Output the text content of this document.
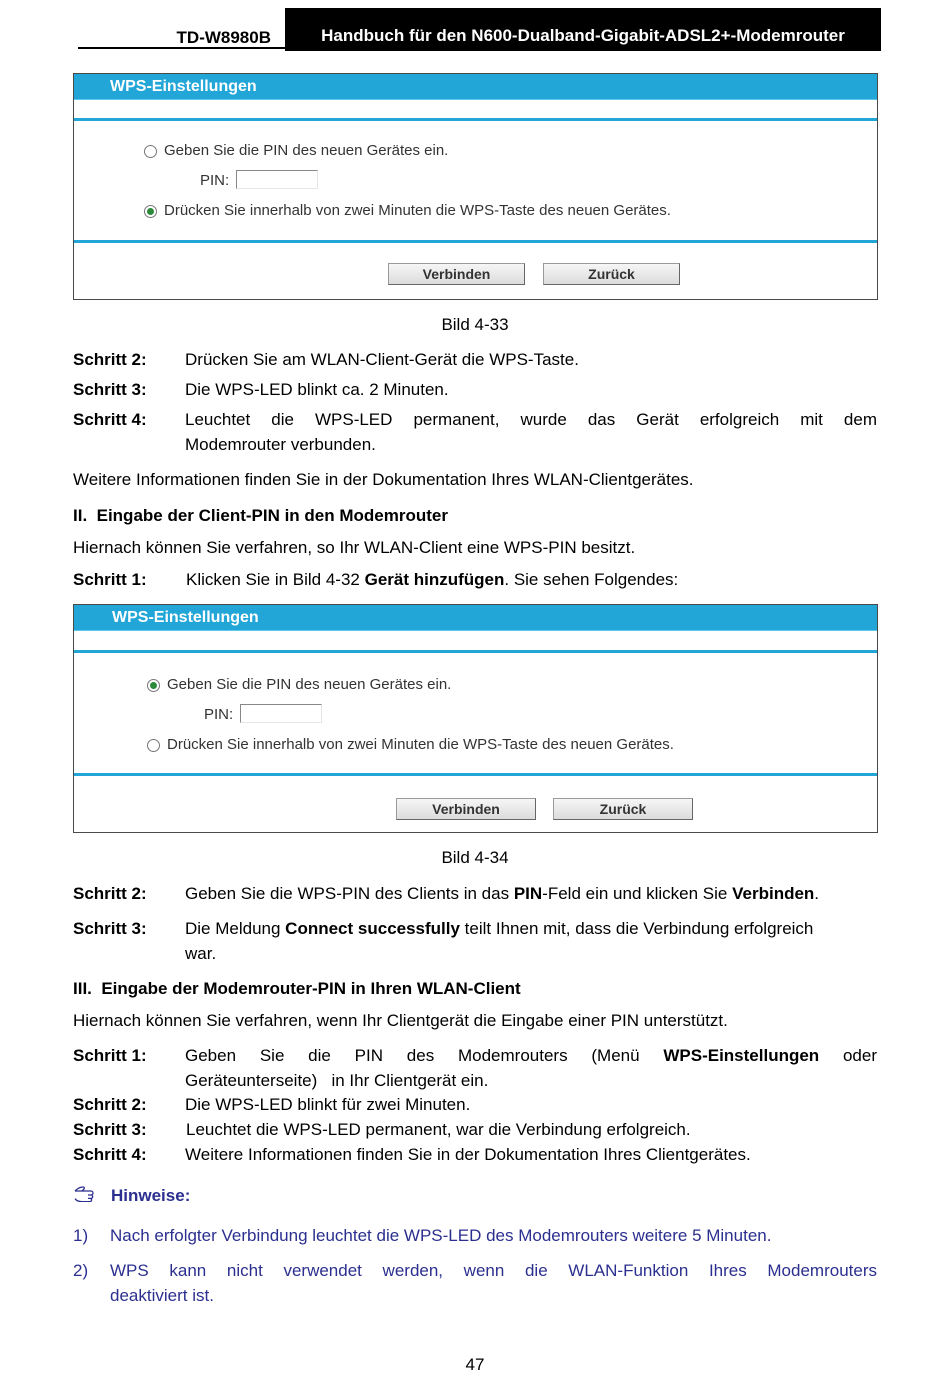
TD-W8980B	Handbuch für den N600-Dualband-Gigabit-ADSL2+-Modemrouter
WPS-Einstellungen
Geben Sie die PIN des neuen Gerätes ein.
PIN:
Drücken Sie innerhalb von zwei Minuten die WPS-Taste des neuen Gerätes.
Verbinden	Zurück
Bild 4-33
Schritt 2: Drücken Sie am WLAN-Client-Gerät die WPS-Taste.
Schritt 3: Die WPS-LED blinkt ca. 2 Minuten.
Schritt 4: Leuchtet die WPS-LED permanent, wurde das Gerät erfolgreich mit dem
Modemrouter verbunden.
Weitere Informationen finden Sie in der Dokumentation Ihres WLAN-Clientgerätes.
II.  Eingabe der Client-PIN in den Modemrouter
Hiernach können Sie verfahren, so Ihr WLAN-Client eine WPS-PIN besitzt.
Schritt 1: Klicken Sie in Bild 4-32 Gerät hinzufügen. Sie sehen Folgendes:
WPS-Einstellungen
Geben Sie die PIN des neuen Gerätes ein.
PIN:
Drücken Sie innerhalb von zwei Minuten die WPS-Taste des neuen Gerätes.
Verbinden	Zurück
Bild 4-34
Schritt 2: Geben Sie die WPS-PIN des Clients in das PIN-Feld ein und klicken Sie Verbinden.
Schritt 3: Die Meldung Connect successfully teilt Ihnen mit, dass die Verbindung erfolgreich
war.
III.  Eingabe der Modemrouter-PIN in Ihren WLAN-Client
Hiernach können Sie verfahren, wenn Ihr Clientgerät die Eingabe einer PIN unterstützt.
Schritt 1: Geben Sie die PIN des Modemrouters (Menü WPS-Einstellungen oder
Geräteunterseite)   in Ihr Clientgerät ein.
Schritt 2: Die WPS-LED blinkt für zwei Minuten.
Schritt 3: Leuchtet die WPS-LED permanent, war die Verbindung erfolgreich.
Schritt 4: Weitere Informationen finden Sie in der Dokumentation Ihres Clientgerätes.
Hinweise:
1) Nach erfolgter Verbindung leuchtet die WPS-LED des Modemrouters weitere 5 Minuten.
2) WPS kann nicht verwendet werden, wenn die WLAN-Funktion Ihres Modemrouters
deaktiviert ist.
47
